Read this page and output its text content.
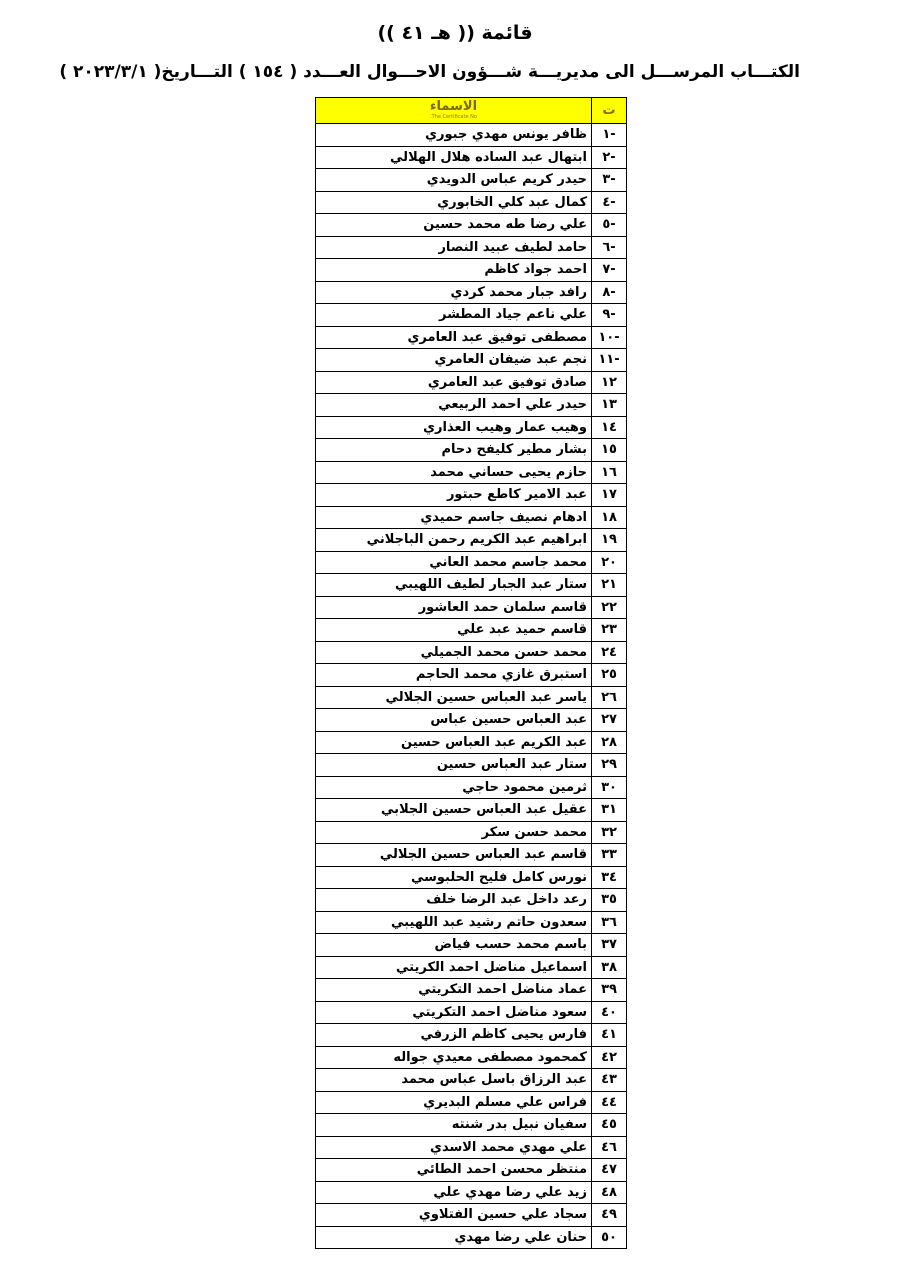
قائمة (( هـ ٤١ ))
الكتـــاب المرســـل الى مديريـــة شـــؤون الاحـــوال العـــدد ( ١٥٤ ) التـــاريخ( ٢٠٢٣/٣/١ )
ت	الاسماء
The Certificate No.

-١	ظافر يونس مهدي جبوري
-٢	ابتهال عبد الساده هلال الهلالي
-٣	حيدر كريم عباس الدويدي
-٤	كمال عبد كلي الخابوري
-٥	علي رضا طه محمد حسين
-٦	حامد لطيف عبيد النصار
-٧	احمد جواد كاظم
-٨	رافد جبار محمد كردي
-٩	علي ناعم جياد المطشر
-١٠	مصطفى توفيق عبد العامري
-١١	نجم عبد ضيفان العامري
١٢	صادق توفيق عبد العامري
١٣	حيدر علي احمد الربيعي
١٤	وهيب عمار وهيب العذاري
١٥	بشار مطير كليفح دحام
١٦	حازم يحيى حساني محمد
١٧	عبد الامير كاطع حبتور
١٨	ادهام نصيف جاسم حميدي
١٩	ابراهيم عبد الكريم رحمن الباجلاني
٢٠	محمد جاسم محمد العاني
٢١	ستار عبد الجبار لطيف اللهيبي
٢٢	قاسم سلمان حمد العاشور
٢٣	قاسم حميد عبد علي
٢٤	محمد حسن محمد الجميلي
٢٥	استبرق غازي محمد الحاجم
٢٦	ياسر عبد العباس حسين الجلالي
٢٧	عبد العباس حسين عباس
٢٨	عبد الكريم عبد العباس حسين
٢٩	ستار عبد العباس حسين
٣٠	ثرمين محمود حاجي
٣١	عقيل عبد العباس حسين الجلابي
٣٢	محمد حسن سكر
٣٣	قاسم عبد العباس حسين الجلالي
٣٤	نورس كامل فليح الحلبوسي
٣٥	رعد داخل عبد الرضا خلف
٣٦	سعدون حاتم رشيد عبد اللهيبي
٣٧	باسم محمد حسب فياض
٣٨	اسماعيل مناضل احمد الكريتي
٣٩	عماد مناضل احمد التكريتي
٤٠	سعود مناضل احمد التكريتي
٤١	فارس يحيى كاظم الزرفي
٤٢	كمحمود مصطفى معيدي جواله
٤٣	عبد الرزاق باسل عباس محمد
٤٤	فراس علي مسلم البديري
٤٥	سفيان نبيل بدر شنته
٤٦	علي مهدي محمد الاسدي
٤٧	منتظر محسن احمد الطائي
٤٨	زيد علي رضا مهدي علي
٤٩	سجاد علي حسين الفتلاوي
٥٠	حنان علي رضا مهدي
